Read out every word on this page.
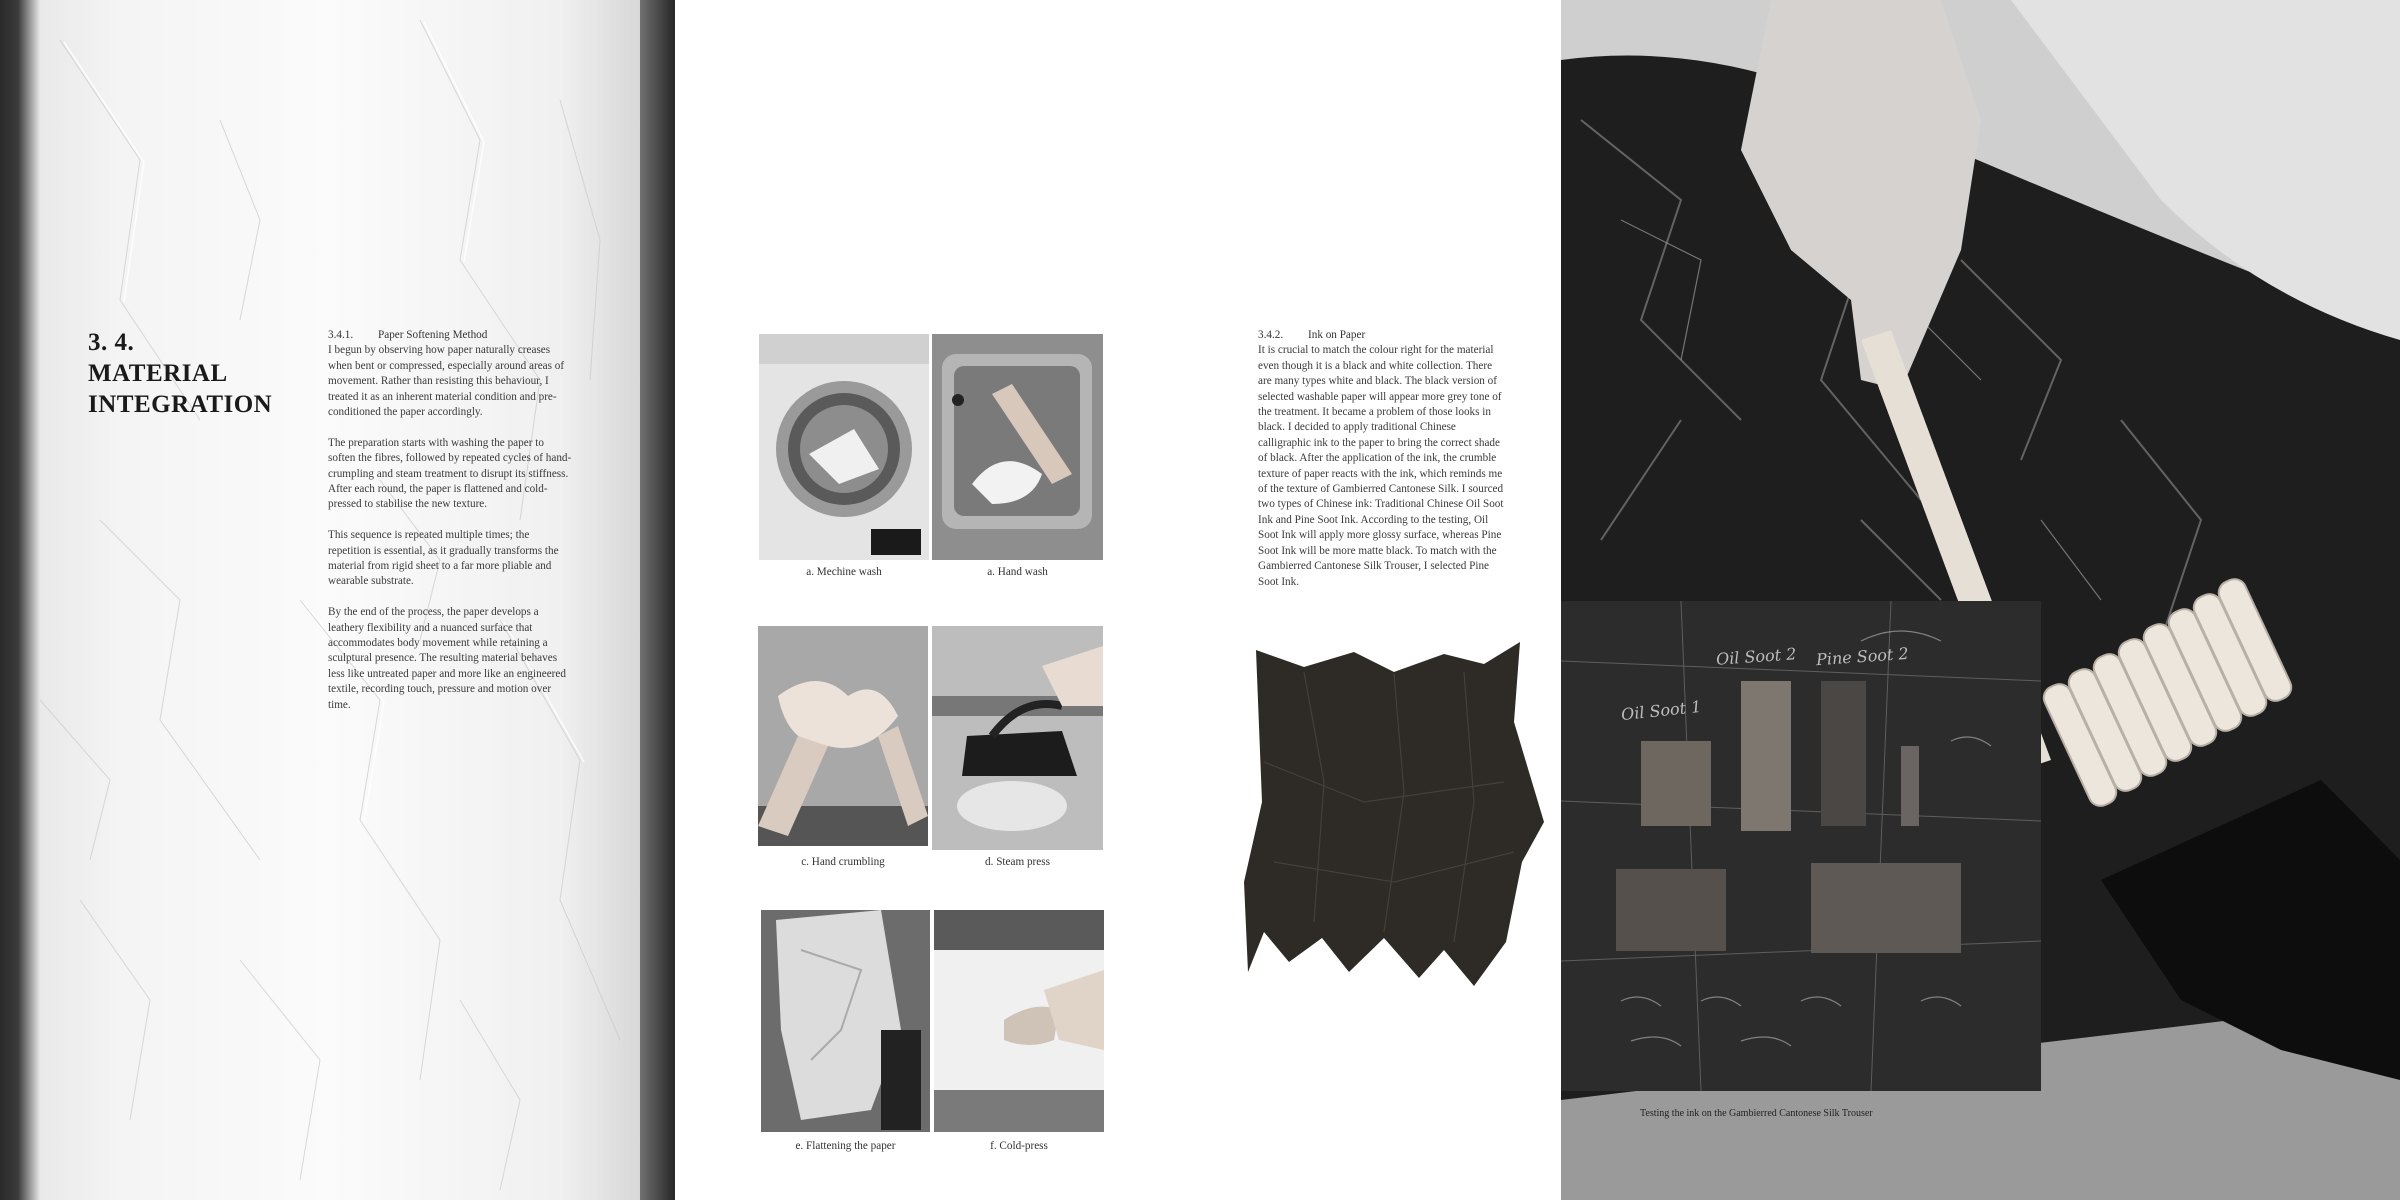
3. 4.
MATERIAL
INTEGRATION
3.4.1. Paper Softening Method

I begun by observing how paper naturally creases when bent or compressed, especially around areas of movement. Rather than resisting this behaviour, I treated it as an inherent material condition and pre-conditioned the paper accordingly.

The preparation starts with washing the paper to soften the fibres, followed by repeated cycles of hand-crumpling and steam treatment to disrupt its stiffness. After each round, the paper is flattened and cold-pressed to stabilise the new texture.

This sequence is repeated multiple times; the repetition is essential, as it gradually transforms the material from rigid sheet to a far more pliable and wearable substrate.

By the end of the process, the paper develops a leathery flexibility and a nuanced surface that accommodates body movement while retaining a sculptural presence. The resulting material behaves less like untreated paper and more like an engineered textile, recording touch, pressure and motion over time.

a. Mechine wash	a. Hand wash
c. Hand crumbling	d. Steam press
e. Flattening the paper	f. Cold-press
3.4.2. Ink on Paper

It is crucial to match the colour right for the material even though it is a black and white collection. There are many types white and black. The black version of selected washable paper will appear more grey tone of the treatment. It became a problem of those looks in black. I decided to apply traditional Chinese calligraphic ink to the paper to bring the correct shade of black. After the application of the ink, the crumble texture of paper reacts with the ink, which reminds me of the texture of Gambierred Cantonese Silk. I sourced two types of Chinese ink: Traditional Chinese Oil Soot Ink and Pine Soot Ink. According to the testing, Oil Soot Ink will apply more glossy surface, whereas Pine Soot Ink will be more matte black. To match with the Gambierred Cantonese Silk Trouser, I selected Pine Soot Ink.

Oil Soot 1
Oil Soot 2 Pine Soot 2
Testing the ink on the Gambierred Cantonese Silk Trouser
